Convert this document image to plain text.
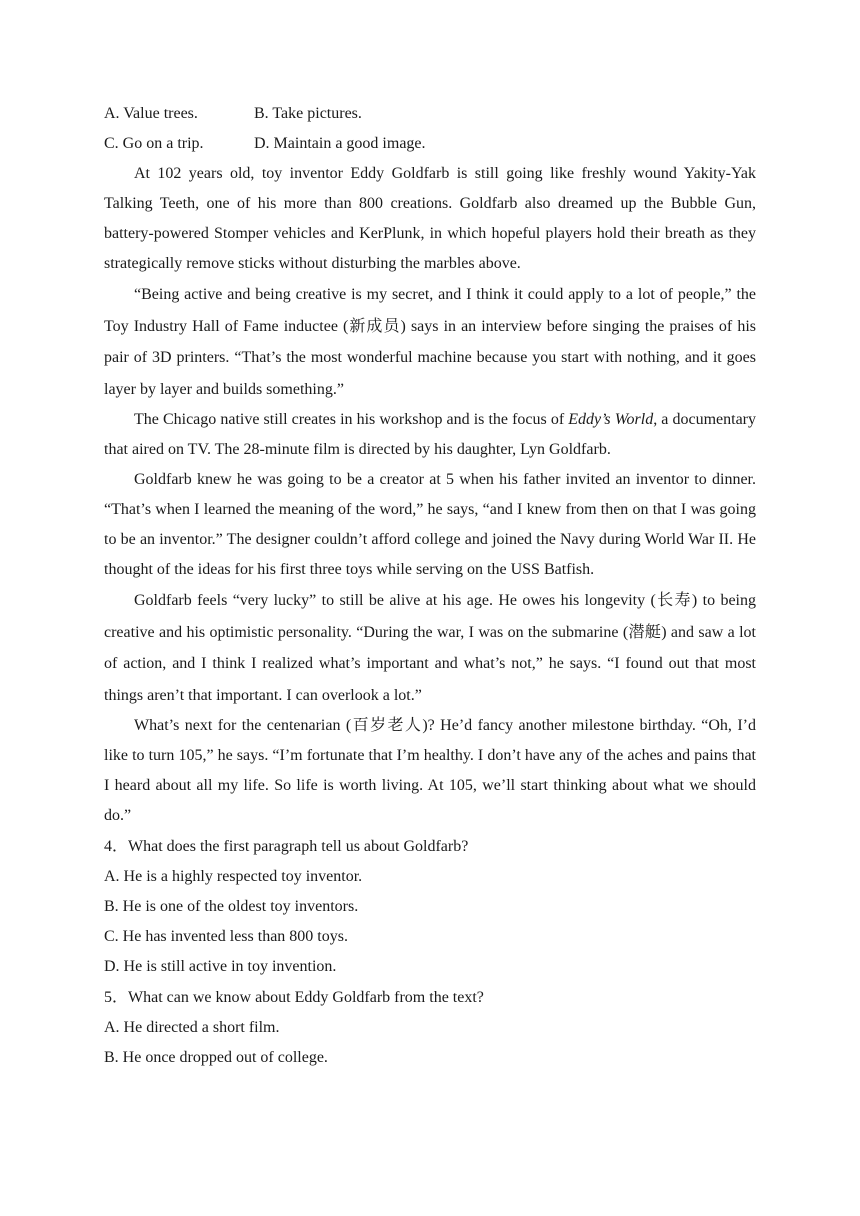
A. Value trees.	B. Take pictures.
C. Go on a trip.	D. Maintain a good image.

At 102 years old, toy inventor Eddy Goldfarb is still going like freshly wound Yakity-Yak Talking Teeth, one of his more than 800 creations. Goldfarb also dreamed up the Bubble Gun, battery-powered Stomper vehicles and KerPlunk, in which hopeful players hold their breath as they strategically remove sticks without disturbing the marbles above.

“Being active and being creative is my secret, and I think it could apply to a lot of people,” the Toy Industry Hall of Fame inductee (新成员) says in an interview before singing the praises of his pair of 3D printers. “That’s the most wonderful machine because you start with nothing, and it goes layer by layer and builds something.”

The Chicago native still creates in his workshop and is the focus of Eddy’s World, a documentary that aired on TV. The 28-minute film is directed by his daughter, Lyn Goldfarb.

Goldfarb knew he was going to be a creator at 5 when his father invited an inventor to dinner. “That’s when I learned the meaning of the word,” he says, “and I knew from then on that I was going to be an inventor.” The designer couldn’t afford college and joined the Navy during World War II. He thought of the ideas for his first three toys while serving on the USS Batfish.

Goldfarb feels “very lucky” to still be alive at his age. He owes his longevity (长寿) to being creative and his optimistic personality. “During the war, I was on the submarine (潜艇) and saw a lot of action, and I think I realized what’s important and what’s not,” he says. “I found out that most things aren’t that important. I can overlook a lot.”

What’s next for the centenarian (百岁老人)? He’d fancy another milestone birthday. “Oh, I’d like to turn 105,” he says. “I’m fortunate that I’m healthy. I don’t have any of the aches and pains that I heard about all my life. So life is worth living. At 105, we’ll start thinking about what we should do.”

4．What does the first paragraph tell us about Goldfarb?

A. He is a highly respected toy inventor.

B. He is one of the oldest toy inventors.

C. He has invented less than 800 toys.

D. He is still active in toy invention.

5．What can we know about Eddy Goldfarb from the text?

A. He directed a short film.

B. He once dropped out of college.
